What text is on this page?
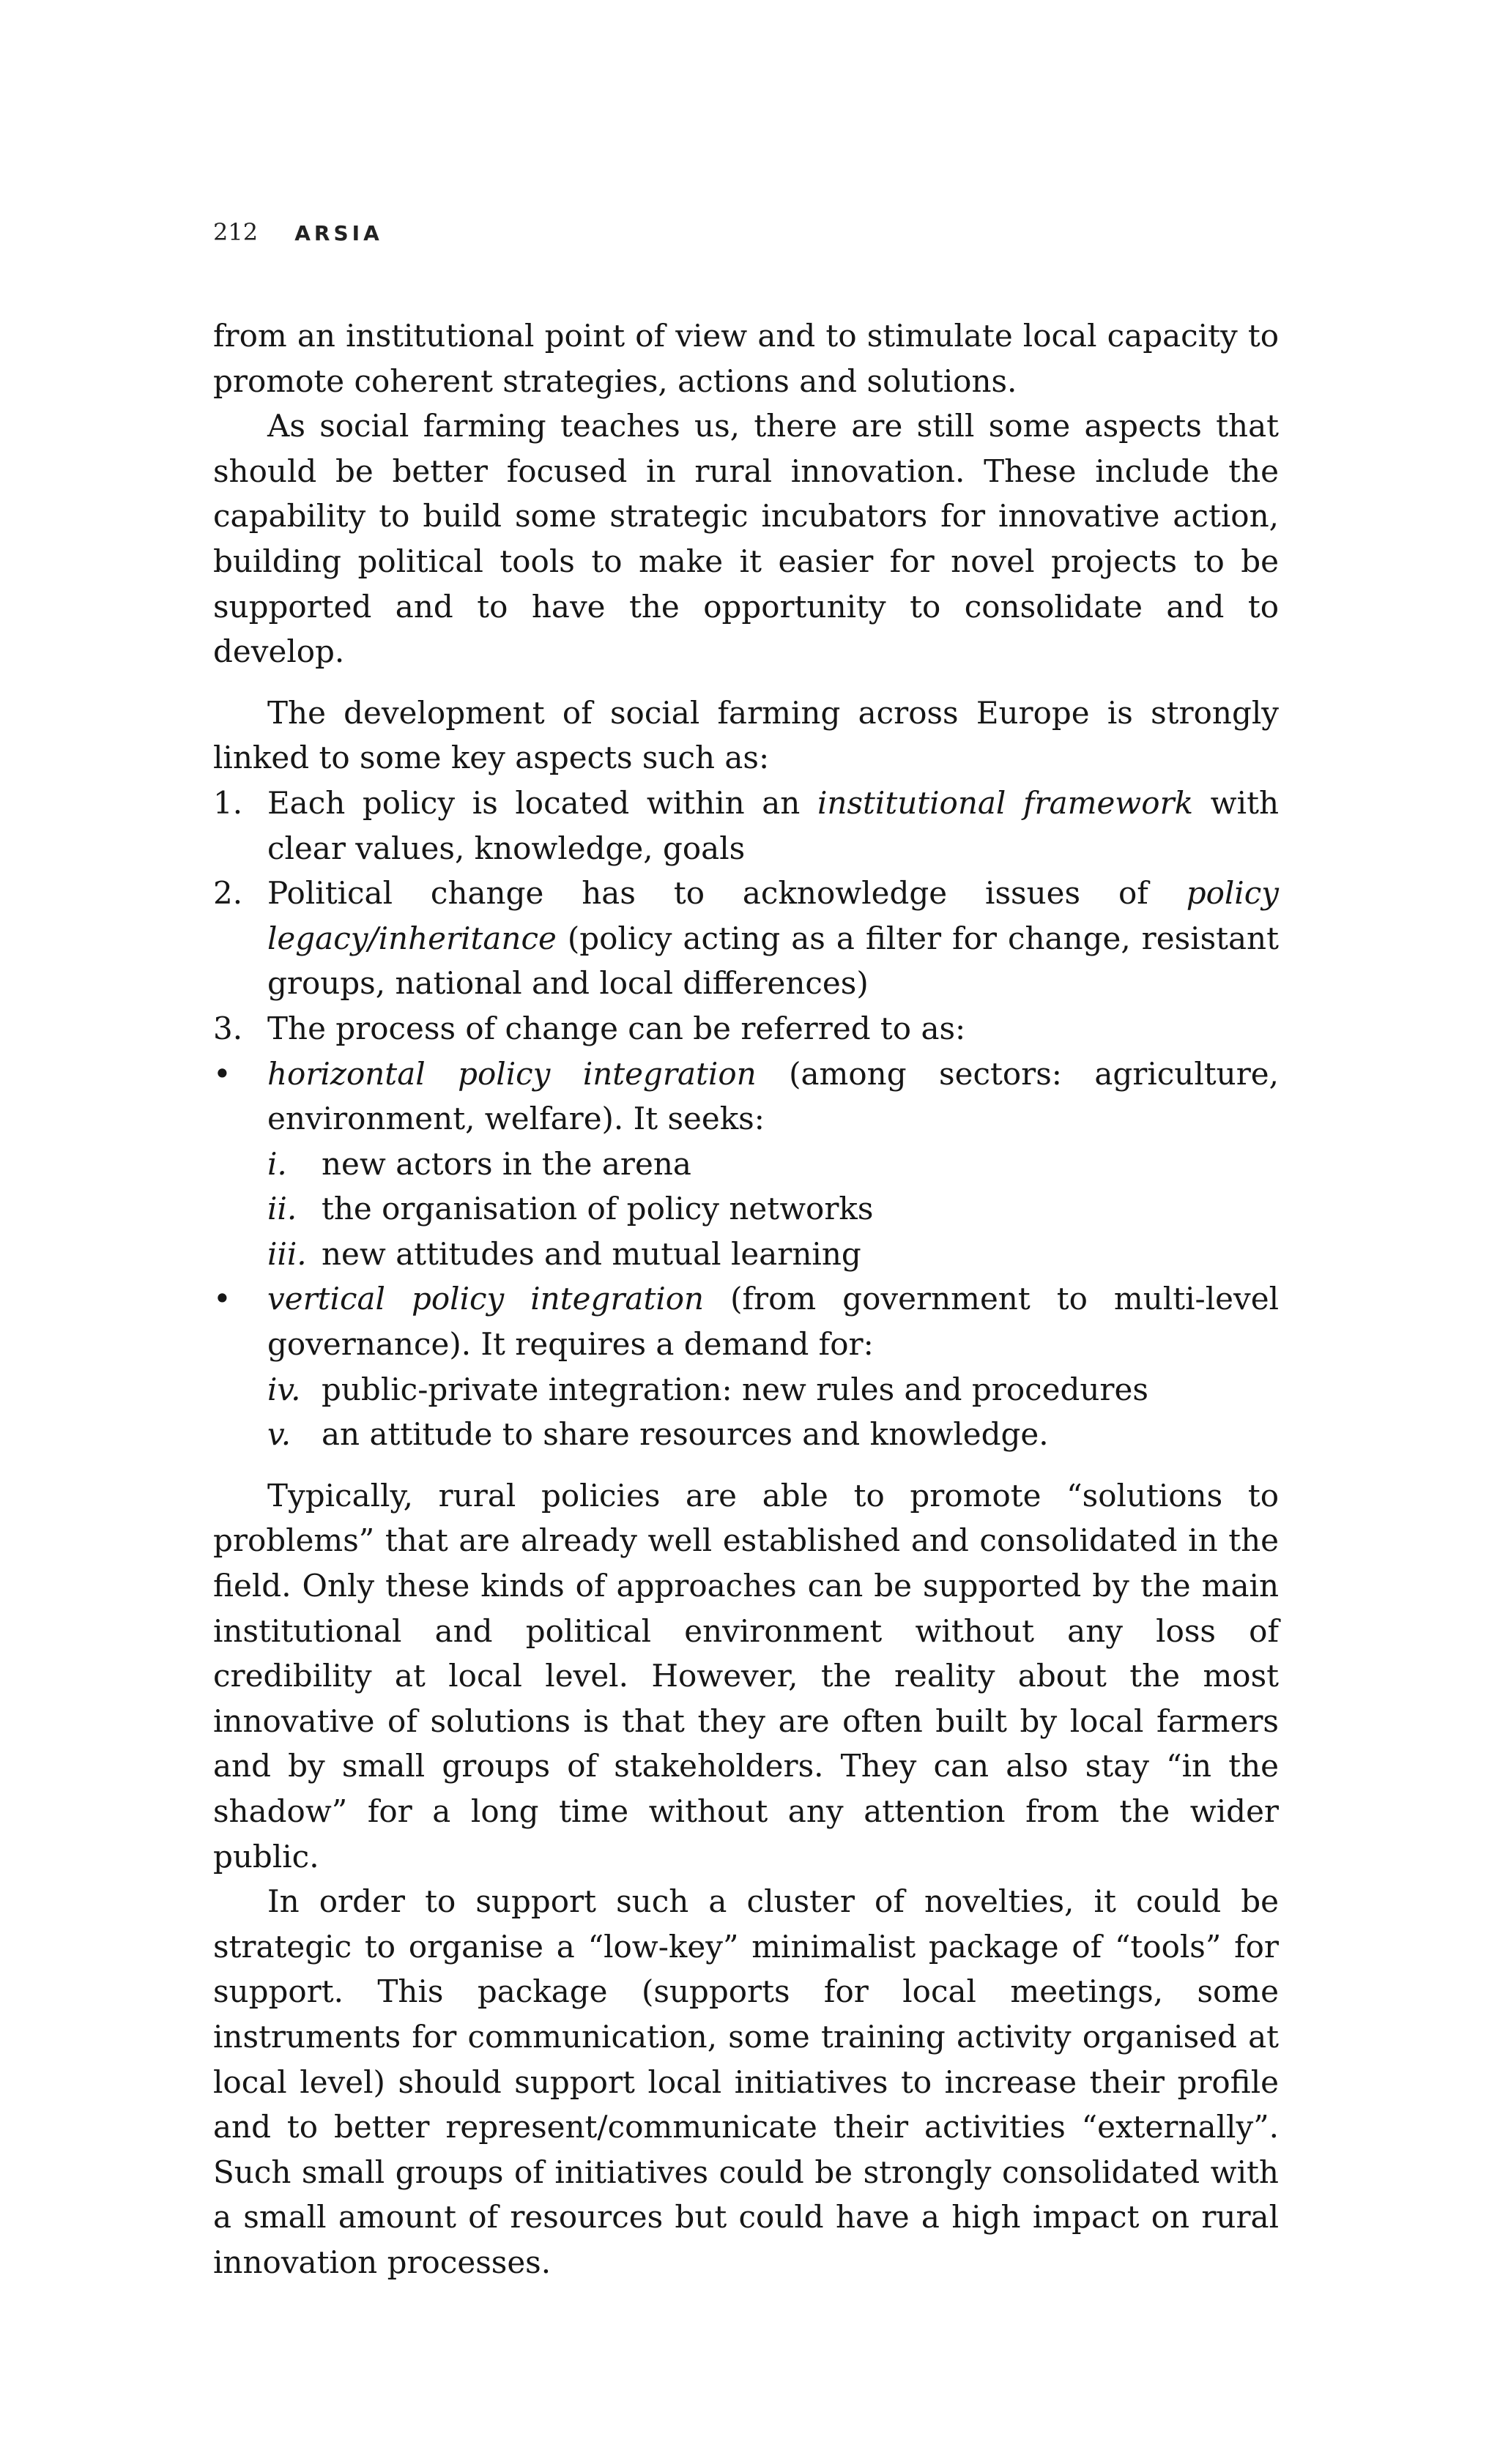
212 ARSIA

from an institutional point of view and to stimulate local capacity to promote coherent strategies, actions and solutions.

As social farming teaches us, there are still some aspects that should be better focused in rural innovation. These include the capability to build some strategic incubators for innovative action, building political tools to make it easier for novel projects to be supported and to have the opportunity to consolidate and to develop.

The development of social farming across Europe is strongly linked to some key aspects such as:

1. Each policy is located within an institutional framework with clear values, knowledge, goals
2. Political change has to acknowledge issues of policy legacy/inheritance (policy acting as a filter for change, resistant groups, national and local differences)
3. The process of change can be referred to as:
•	horizontal policy integration (among sectors: agriculture, environment, welfare). It seeks:
i.	new actors in the arena
ii. the organisation of policy networks
iii. new attitudes and mutual learning
•	vertical policy integration (from government to multi-level governance). It requires a demand for:
iv. public-private integration: new rules and procedures
v. an attitude to share resources and knowledge.

Typically, rural policies are able to promote “solutions to problems” that are already well established and consolidated in the field. Only these kinds of approaches can be supported by the main institutional and political environment without any loss of credibility at local level. However, the reality about the most innovative of solutions is that they are often built by local farmers and by small groups of stakeholders. They can also stay “in the shadow” for a long time without any attention from the wider public.

In order to support such a cluster of novelties, it could be strategic to organise a “low-key” minimalist package of “tools” for support. This package (supports for local meetings, some instruments for communication, some training activity organised at local level) should support local initiatives to increase their profile and to better represent/communicate their activities “externally”. Such small groups of initiatives could be strongly consolidated with a small amount of resources but could have a high impact on rural innovation processes.
